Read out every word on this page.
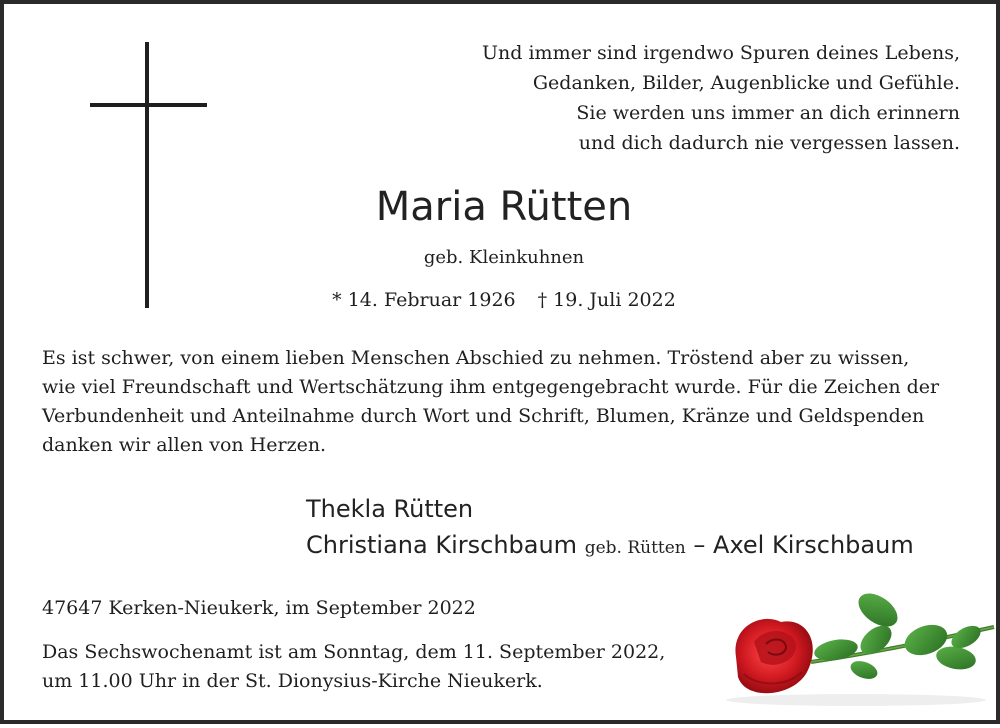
Und immer sind irgendwo Spuren deines Lebens,
Gedanken, Bilder, Augenblicke und Gefühle.
Sie werden uns immer an dich erinnern
und dich dadurch nie vergessen lassen.
Maria Rütten
geb. Kleinkuhnen
* 14. Februar 1926 † 19. Juli 2022
Es ist schwer, von einem lieben Menschen Abschied zu nehmen. Tröstend aber zu wissen,
wie viel Freundschaft und Wertschätzung ihm entgegengebracht wurde. Für die Zeichen der
Verbundenheit und Anteilnahme durch Wort und Schrift, Blumen, Kränze und Geldspenden
danken wir allen von Herzen.
Thekla Rütten
Christiana Kirschbaum geb. Rütten – Axel Kirschbaum
47647 Kerken-Nieukerk, im September 2022
Das Sechswochenamt ist am Sonntag, dem 11. September 2022,
um 11.00 Uhr in der St. Dionysius-Kirche Nieukerk.
